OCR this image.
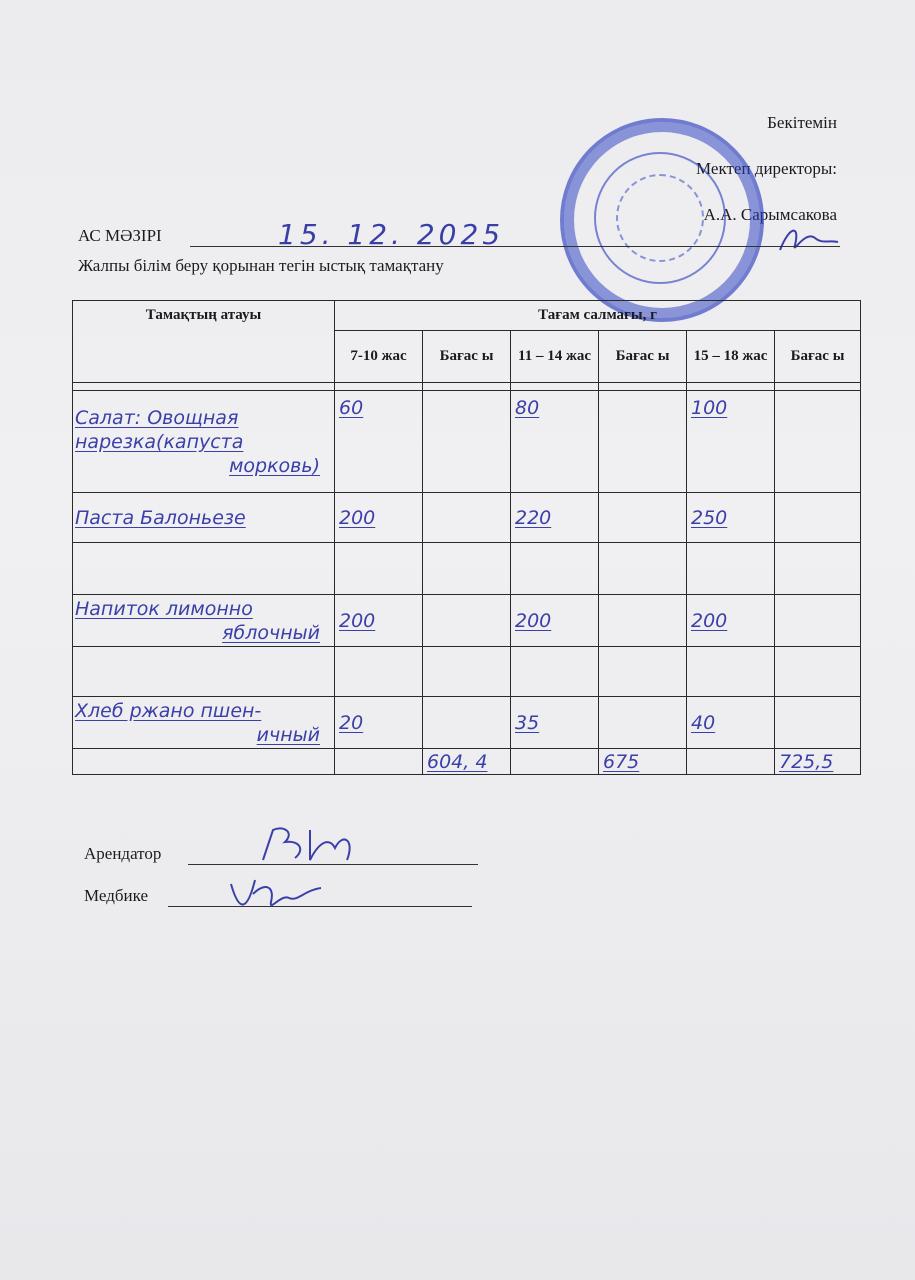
Бекітемін
Мектеп директоры:
А.А. Сарымсакова
АС МӘЗІРІ	15. 12. 2025
Жалпы білім беру қорынан тегін ыстық тамақтану
Тамақтың атауы	Тағам салмағы, г					
	7-10 жас	Бағас ы	11 – 14 жас	Бағас ы	15 – 18 жас	Бағас ы

Салат: Овощная
нарезка(капуста
морковь)	60		80		100	
Паста Балоньезе	200		220		250	

Напиток лимонно
яблочный	200		200		200	

Хлеб ржано пшен-
ичный	20		35		40	
		604, 4		675		725,5
Арендатор
Медбике
